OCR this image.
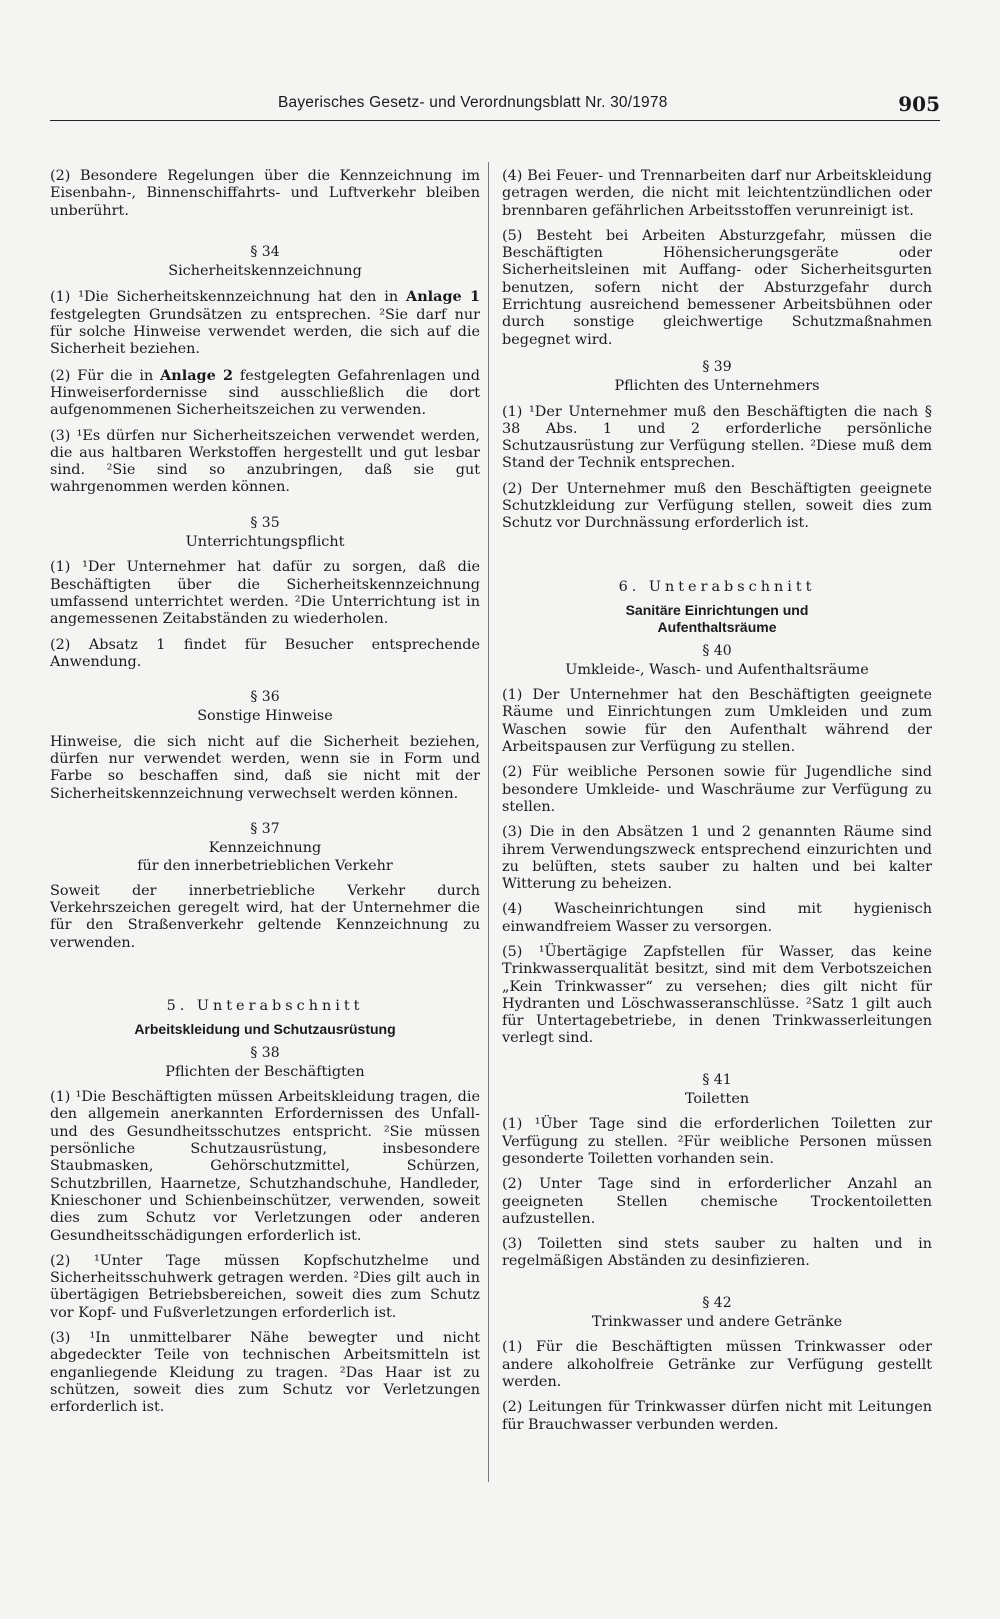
Bayerisches Gesetz- und Verordnungsblatt Nr. 30/1978	905

(2) Besondere Regelungen über die Kennzeichnung im Eisenbahn-, Binnenschiffahrts- und Luftverkehr bleiben unberührt.

§ 34
Sicherheitskennzeichnung

(1) ¹Die Sicherheitskennzeichnung hat den in Anlage 1 festgelegten Grundsätzen zu entsprechen. ²Sie darf nur für solche Hinweise verwendet werden, die sich auf die Sicherheit beziehen.

(2) Für die in Anlage 2 festgelegten Gefahrenlagen und Hinweiserfordernisse sind ausschließlich die dort aufgenommenen Sicherheitszeichen zu verwenden.

(3) ¹Es dürfen nur Sicherheitszeichen verwendet werden, die aus haltbaren Werkstoffen hergestellt und gut lesbar sind. ²Sie sind so anzubringen, daß sie gut wahrgenommen werden können.

§ 35
Unterrichtungspflicht

(1) ¹Der Unternehmer hat dafür zu sorgen, daß die Beschäftigten über die Sicherheitskennzeichnung umfassend unterrichtet werden. ²Die Unterrichtung ist in angemessenen Zeitabständen zu wiederholen.

(2) Absatz 1 findet für Besucher entsprechende Anwendung.

§ 36
Sonstige Hinweise

Hinweise, die sich nicht auf die Sicherheit beziehen, dürfen nur verwendet werden, wenn sie in Form und Farbe so beschaffen sind, daß sie nicht mit der Sicherheitskennzeichnung verwechselt werden können.

§ 37
Kennzeichnung
für den innerbetrieblichen Verkehr

Soweit der innerbetriebliche Verkehr durch Verkehrszeichen geregelt wird, hat der Unternehmer die für den Straßenverkehr geltende Kennzeichnung zu verwenden.

5. Unterabschnitt
Arbeitskleidung und Schutzausrüstung
§ 38
Pflichten der Beschäftigten

(1) ¹Die Beschäftigten müssen Arbeitskleidung tragen, die den allgemein anerkannten Erfordernissen des Unfall- und des Gesundheitsschutzes entspricht. ²Sie müssen persönliche Schutzausrüstung, insbesondere Staubmasken, Gehörschutzmittel, Schürzen, Schutzbrillen, Haarnetze, Schutzhandschuhe, Handleder, Knieschoner und Schienbeinschützer, verwenden, soweit dies zum Schutz vor Verletzungen oder anderen Gesundheitsschädigungen erforderlich ist.

(2) ¹Unter Tage müssen Kopfschutzhelme und Sicherheitsschuhwerk getragen werden. ²Dies gilt auch in übertägigen Betriebsbereichen, soweit dies zum Schutz vor Kopf- und Fußverletzungen erforderlich ist.

(3) ¹In unmittelbarer Nähe bewegter und nicht abgedeckter Teile von technischen Arbeitsmitteln ist enganliegende Kleidung zu tragen. ²Das Haar ist zu schützen, soweit dies zum Schutz vor Verletzungen erforderlich ist.

(4) Bei Feuer- und Trennarbeiten darf nur Arbeitskleidung getragen werden, die nicht mit leichtentzündlichen oder brennbaren gefährlichen Arbeitsstoffen verunreinigt ist.

(5) Besteht bei Arbeiten Absturzgefahr, müssen die Beschäftigten Höhensicherungsgeräte oder Sicherheitsleinen mit Auffang- oder Sicherheitsgurten benutzen, sofern nicht der Absturzgefahr durch Errichtung ausreichend bemessener Arbeitsbühnen oder durch sonstige gleichwertige Schutzmaßnahmen begegnet wird.

§ 39
Pflichten des Unternehmers

(1) ¹Der Unternehmer muß den Beschäftigten die nach § 38 Abs. 1 und 2 erforderliche persönliche Schutzausrüstung zur Verfügung stellen. ²Diese muß dem Stand der Technik entsprechen.

(2) Der Unternehmer muß den Beschäftigten geeignete Schutzkleidung zur Verfügung stellen, soweit dies zum Schutz vor Durchnässung erforderlich ist.

6. Unterabschnitt
Sanitäre Einrichtungen und
Aufenthaltsräume
§ 40
Umkleide-, Wasch- und Aufenthaltsräume

(1) Der Unternehmer hat den Beschäftigten geeignete Räume und Einrichtungen zum Umkleiden und zum Waschen sowie für den Aufenthalt während der Arbeitspausen zur Verfügung zu stellen.

(2) Für weibliche Personen sowie für Jugendliche sind besondere Umkleide- und Waschräume zur Verfügung zu stellen.

(3) Die in den Absätzen 1 und 2 genannten Räume sind ihrem Verwendungszweck entsprechend einzurichten und zu belüften, stets sauber zu halten und bei kalter Witterung zu beheizen.

(4) Wascheinrichtungen sind mit hygienisch einwandfreiem Wasser zu versorgen.

(5) ¹Übertägige Zapfstellen für Wasser, das keine Trinkwasserqualität besitzt, sind mit dem Verbotszeichen „Kein Trinkwasser“ zu versehen; dies gilt nicht für Hydranten und Löschwasseranschlüsse. ²Satz 1 gilt auch für Untertagebetriebe, in denen Trinkwasserleitungen verlegt sind.

§ 41
Toiletten

(1) ¹Über Tage sind die erforderlichen Toiletten zur Verfügung zu stellen. ²Für weibliche Personen müssen gesonderte Toiletten vorhanden sein.

(2) Unter Tage sind in erforderlicher Anzahl an geeigneten Stellen chemische Trockentoiletten aufzustellen.

(3) Toiletten sind stets sauber zu halten und in regelmäßigen Abständen zu desinfizieren.

§ 42
Trinkwasser und andere Getränke

(1) Für die Beschäftigten müssen Trinkwasser oder andere alkoholfreie Getränke zur Verfügung gestellt werden.

(2) Leitungen für Trinkwasser dürfen nicht mit Leitungen für Brauchwasser verbunden werden.
